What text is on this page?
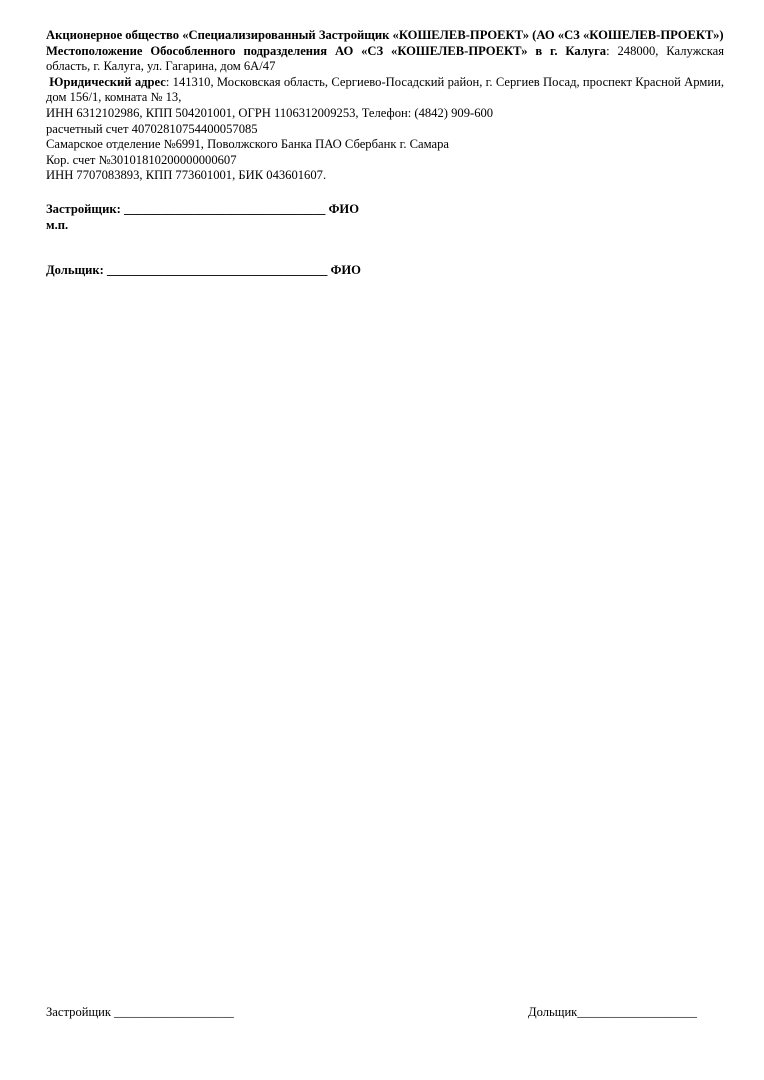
Акционерное общество «Специализированный Застройщик «КОШЕЛЕВ-ПРОЕКТ» (АО «СЗ «КОШЕЛЕВ-ПРОЕКТ»)
Местоположение Обособленного подразделения АО «СЗ «КОШЕЛЕВ-ПРОЕКТ» в г. Калуга: 248000, Калужская область, г. Калуга, ул. Гагарина, дом 6А/47
Юридический адрес: 141310, Московская область, Сергиево-Посадский район, г. Сергиев Посад, проспект Красной Армии, дом 156/1, комната № 13,
ИНН 6312102986, КПП 504201001, ОГРН 1106312009253, Телефон: (4842) 909-600
расчетный счет 40702810754400057085
Самарское отделение №6991, Поволжского Банка ПАО Сбербанк г. Самара
Кор. счет №30101810200000000607
ИНН 7707083893, КПП 773601001, БИК 043601607.
Застройщик: ________________________________ ФИО
м.п.
Дольщик: ___________________________________ ФИО
Застройщик ___________________	Дольщик___________________
